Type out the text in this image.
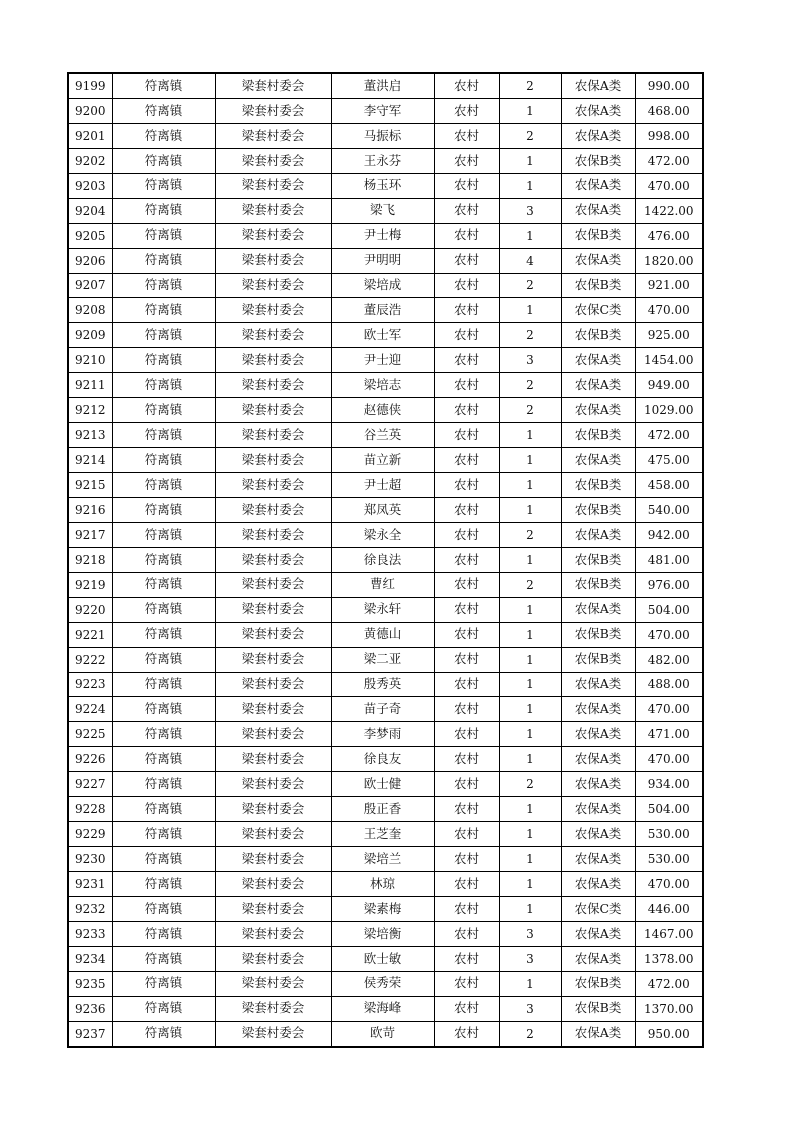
9199	符离镇	梁套村委会	董洪启	农村	2	农保A类	990.00
9200	符离镇	梁套村委会	李守军	农村	1	农保A类	468.00
9201	符离镇	梁套村委会	马振标	农村	2	农保A类	998.00
9202	符离镇	梁套村委会	王永芬	农村	1	农保B类	472.00
9203	符离镇	梁套村委会	杨玉环	农村	1	农保A类	470.00
9204	符离镇	梁套村委会	梁飞	农村	3	农保A类	1422.00
9205	符离镇	梁套村委会	尹士梅	农村	1	农保B类	476.00
9206	符离镇	梁套村委会	尹明明	农村	4	农保A类	1820.00
9207	符离镇	梁套村委会	梁培成	农村	2	农保B类	921.00
9208	符离镇	梁套村委会	董辰浩	农村	1	农保C类	470.00
9209	符离镇	梁套村委会	欧士军	农村	2	农保B类	925.00
9210	符离镇	梁套村委会	尹士迎	农村	3	农保A类	1454.00
9211	符离镇	梁套村委会	梁培志	农村	2	农保A类	949.00
9212	符离镇	梁套村委会	赵德侠	农村	2	农保A类	1029.00
9213	符离镇	梁套村委会	谷兰英	农村	1	农保B类	472.00
9214	符离镇	梁套村委会	苗立新	农村	1	农保A类	475.00
9215	符离镇	梁套村委会	尹士超	农村	1	农保B类	458.00
9216	符离镇	梁套村委会	郑凤英	农村	1	农保B类	540.00
9217	符离镇	梁套村委会	梁永全	农村	2	农保A类	942.00
9218	符离镇	梁套村委会	徐良法	农村	1	农保B类	481.00
9219	符离镇	梁套村委会	曹红	农村	2	农保B类	976.00
9220	符离镇	梁套村委会	梁永轩	农村	1	农保A类	504.00
9221	符离镇	梁套村委会	黄德山	农村	1	农保B类	470.00
9222	符离镇	梁套村委会	梁二亚	农村	1	农保B类	482.00
9223	符离镇	梁套村委会	殷秀英	农村	1	农保A类	488.00
9224	符离镇	梁套村委会	苗子奇	农村	1	农保A类	470.00
9225	符离镇	梁套村委会	李梦雨	农村	1	农保A类	471.00
9226	符离镇	梁套村委会	徐良友	农村	1	农保A类	470.00
9227	符离镇	梁套村委会	欧士健	农村	2	农保A类	934.00
9228	符离镇	梁套村委会	殷正香	农村	1	农保A类	504.00
9229	符离镇	梁套村委会	王芝奎	农村	1	农保A类	530.00
9230	符离镇	梁套村委会	梁培兰	农村	1	农保A类	530.00
9231	符离镇	梁套村委会	林琼	农村	1	农保A类	470.00
9232	符离镇	梁套村委会	梁素梅	农村	1	农保C类	446.00
9233	符离镇	梁套村委会	梁培衡	农村	3	农保A类	1467.00
9234	符离镇	梁套村委会	欧士敏	农村	3	农保A类	1378.00
9235	符离镇	梁套村委会	侯秀荣	农村	1	农保B类	472.00
9236	符离镇	梁套村委会	梁海峰	农村	3	农保B类	1370.00
9237	符离镇	梁套村委会	欧苛	农村	2	农保A类	950.00
